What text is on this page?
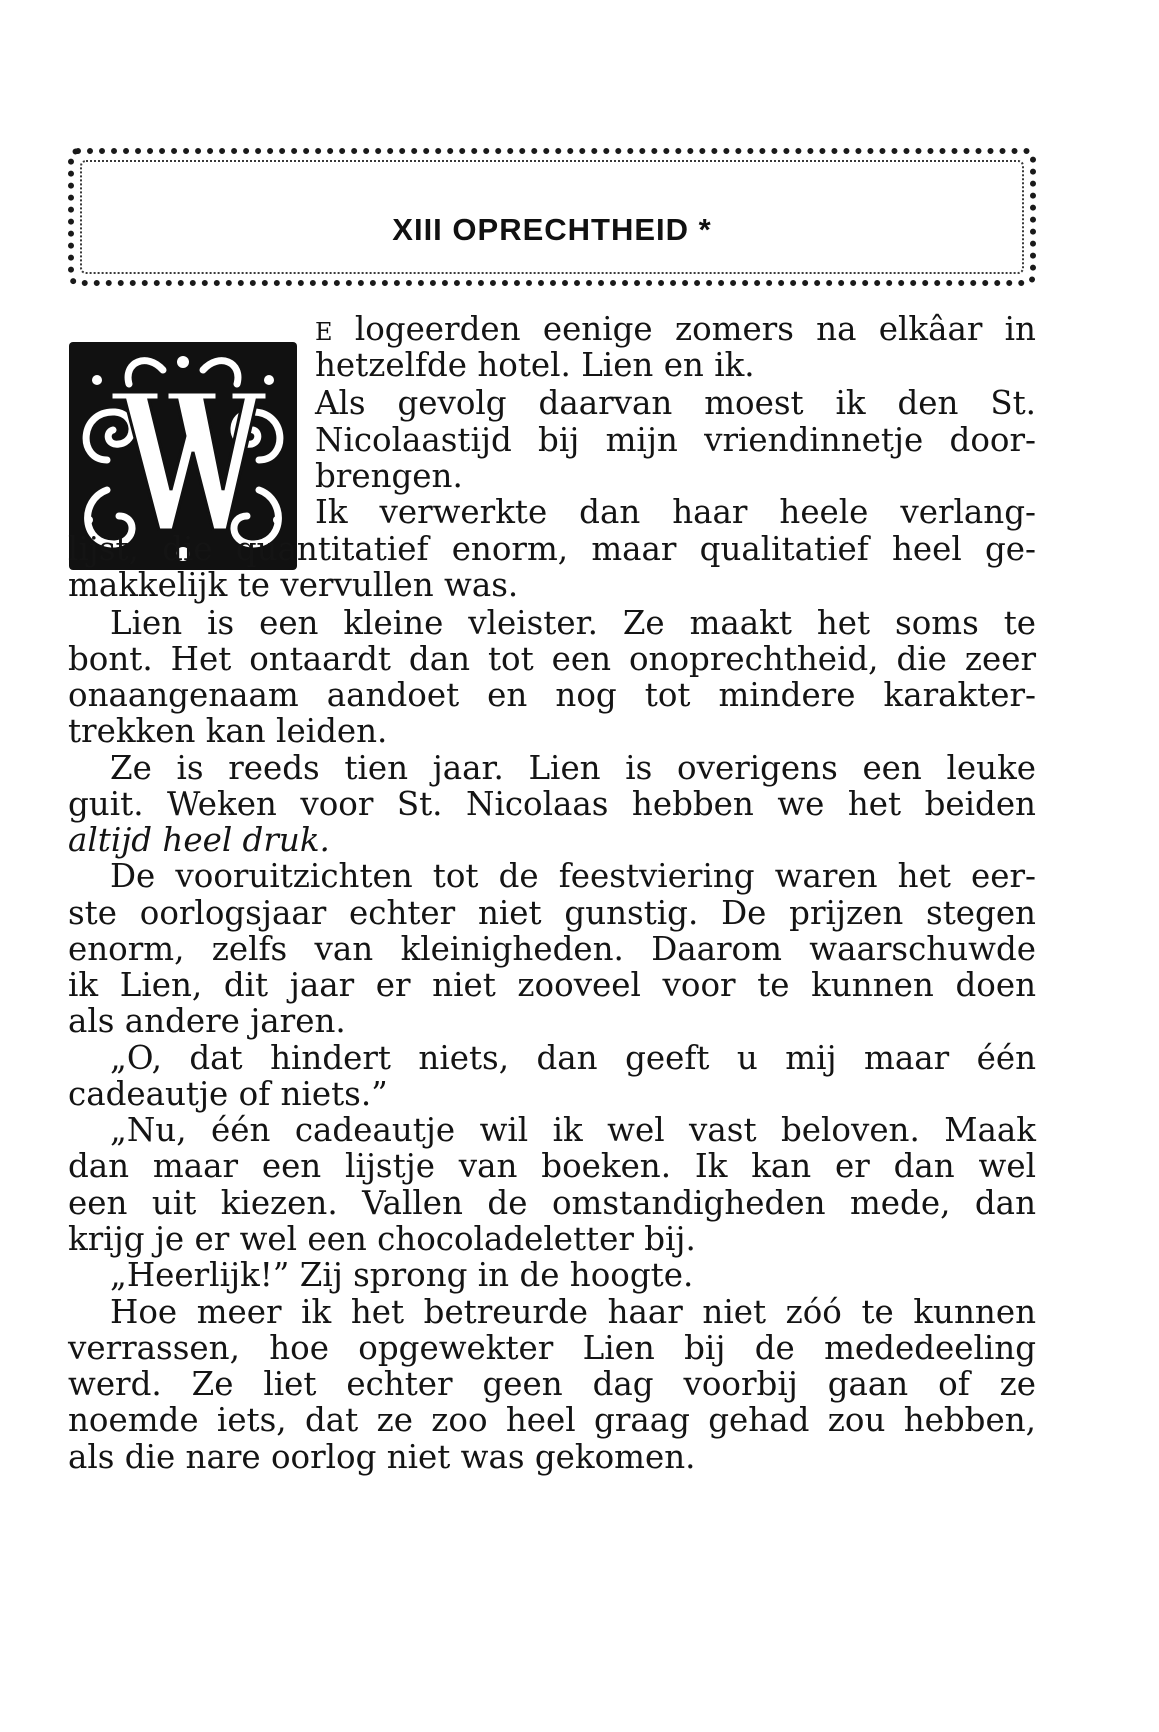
XIII OPRECHTHEID *
E logeerden eenige zomers na elkâar in
hetzelfde hotel. Lien en ik.
Als gevolg daarvan moest ik den St.
Nicolaastijd bij mijn vriendinnetje door-
brengen.
Ik verwerkte dan haar heele verlang-
lijst, die quantitatief enorm, maar qualitatief heel ge-
makkelijk te vervullen was.
Lien is een kleine vleister. Ze maakt het soms te
bont. Het ontaardt dan tot een onoprechtheid, die zeer
onaangenaam aandoet en nog tot mindere karakter-
trekken kan leiden.
Ze is reeds tien jaar. Lien is overigens een leuke
guit. Weken voor St. Nicolaas hebben we het beiden
altijd heel druk.
De vooruitzichten tot de feestviering waren het eer-
ste oorlogsjaar echter niet gunstig. De prijzen stegen
enorm, zelfs van kleinigheden. Daarom waarschuwde
ik Lien, dit jaar er niet zooveel voor te kunnen doen
als andere jaren.
„O, dat hindert niets, dan geeft u mij maar één
cadeautje of niets.”
„Nu, één cadeautje wil ik wel vast beloven. Maak
dan maar een lijstje van boeken. Ik kan er dan wel
een uit kiezen. Vallen de omstandigheden mede, dan
krijg je er wel een chocoladeletter bij.
„Heerlijk!” Zij sprong in de hoogte.
Hoe meer ik het betreurde haar niet zóó te kunnen
verrassen, hoe opgewekter Lien bij de mededeeling
werd. Ze liet echter geen dag voorbij gaan of ze
noemde iets, dat ze zoo heel graag gehad zou hebben,
als die nare oorlog niet was gekomen.
